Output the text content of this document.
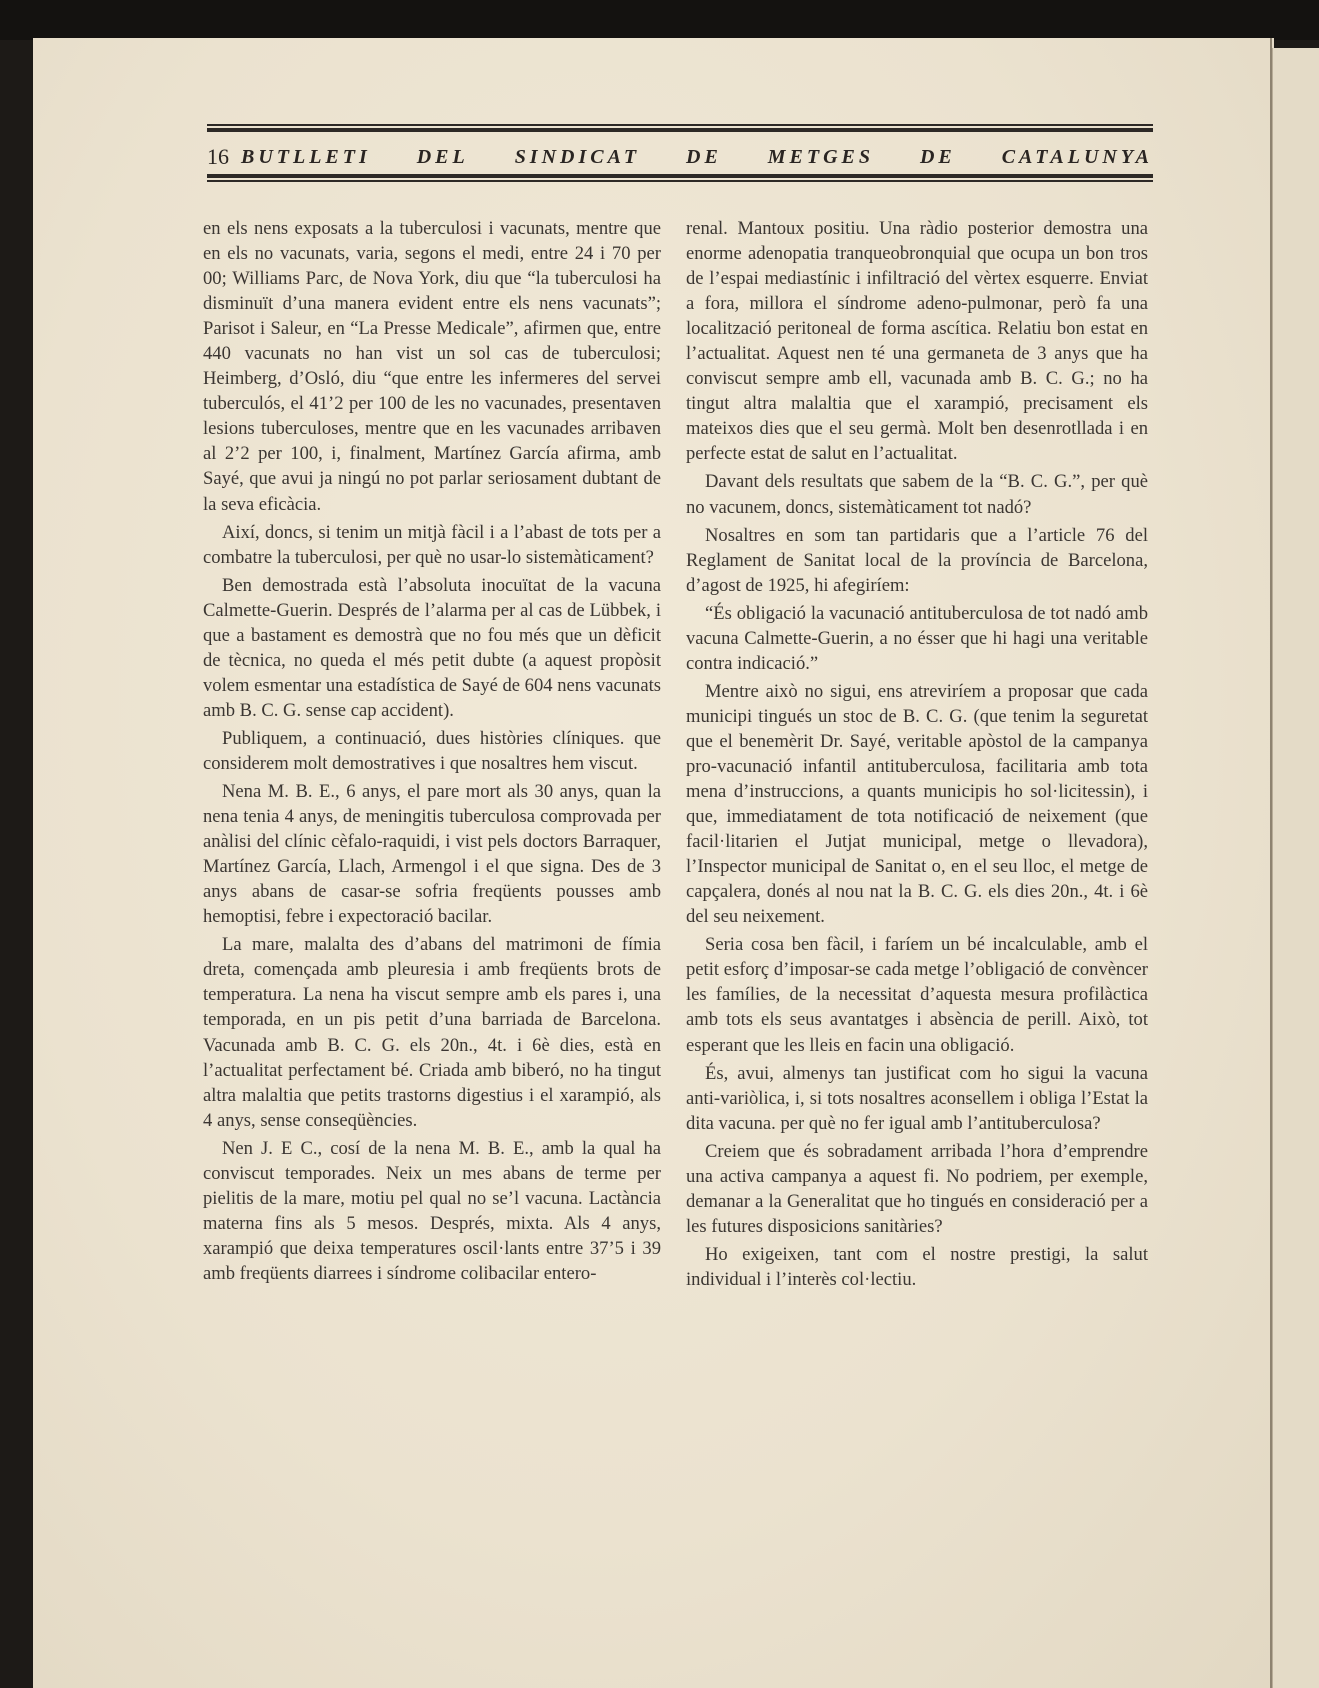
16 BUTLLETI DEL SINDICAT DE METGES DE CATALUNYA

en els nens exposats a la tuberculosi i vacunats, mentre que en els no vacunats, varia, segons el medi, entre 24 i 70 per 00; Williams Parc, de Nova York, diu que “la tuberculosi ha disminuït d’una manera evident entre els nens vacunats”; Parisot i Saleur, en “La Presse Medicale”, afirmen que, entre 440 vacunats no han vist un sol cas de tuberculosi; Heimberg, d’Osló, diu “que entre les infermeres del servei tuberculós, el 41’2 per 100 de les no vacunades, presentaven lesions tuberculoses, mentre que en les vacunades arribaven al 2’2 per 100, i, finalment, Martínez García afirma, amb Sayé, que avui ja ningú no pot parlar seriosament dubtant de la seva eficàcia.

Així, doncs, si tenim un mitjà fàcil i a l’abast de tots per a combatre la tuberculosi, per què no usar-lo sistemàticament?

Ben demostrada està l’absoluta inocuïtat de la vacuna Calmette-Guerin. Després de l’alarma per al cas de Lübbek, i que a bastament es demostrà que no fou més que un dèficit de tècnica, no queda el més petit dubte (a aquest propòsit volem esmentar una estadística de Sayé de 604 nens vacunats amb B. C. G. sense cap accident).

Publiquem, a continuació, dues històries clíniques. que considerem molt demostratives i que nosaltres hem viscut.

Nena M. B. E., 6 anys, el pare mort als 30 anys, quan la nena tenia 4 anys, de meningitis tuberculosa comprovada per anàlisi del clínic cèfalo-raquidi, i vist pels doctors Barraquer, Martínez García, Llach, Armengol i el que signa. Des de 3 anys abans de casar-se sofria freqüents pousses amb hemoptisi, febre i expectoració bacilar.

La mare, malalta des d’abans del matrimoni de fímia dreta, començada amb pleuresia i amb freqüents brots de temperatura. La nena ha viscut sempre amb els pares i, una temporada, en un pis petit d’una barriada de Barcelona. Vacunada amb B. C. G. els 20n., 4t. i 6è dies, està en l’actualitat perfectament bé. Criada amb biberó, no ha tingut altra malaltia que petits trastorns digestius i el xarampió, als 4 anys, sense conseqüències.

Nen J. E C., cosí de la nena M. B. E., amb la qual ha conviscut temporades. Neix un mes abans de terme per pielitis de la mare, motiu pel qual no se’l vacuna. Lactància materna fins als 5 mesos. Després, mixta. Als 4 anys, xarampió que deixa temperatures oscil·lants entre 37’5 i 39 amb freqüents diarrees i síndrome colibacilar entero-

renal. Mantoux positiu. Una ràdio posterior demostra una enorme adenopatia tranqueobronquial que ocupa un bon tros de l’espai mediastínic i infiltració del vèrtex esquerre. Enviat a fora, millora el síndrome adeno-pulmonar, però fa una localització peritoneal de forma ascítica. Relatiu bon estat en l’actualitat. Aquest nen té una germaneta de 3 anys que ha conviscut sempre amb ell, vacunada amb B. C. G.; no ha tingut altra malaltia que el xarampió, precisament els mateixos dies que el seu germà. Molt ben desenrotllada i en perfecte estat de salut en l’actualitat.

Davant dels resultats que sabem de la “B. C. G.”, per què no vacunem, doncs, sistemàticament tot nadó?

Nosaltres en som tan partidaris que a l’article 76 del Reglament de Sanitat local de la província de Barcelona, d’agost de 1925, hi afegiríem:

“És obligació la vacunació antituberculosa de tot nadó amb vacuna Calmette-Guerin, a no ésser que hi hagi una veritable contra indicació.”

Mentre això no sigui, ens atreviríem a proposar que cada municipi tingués un stoc de B. C. G. (que tenim la seguretat que el benemèrit Dr. Sayé, veritable apòstol de la campanya pro-vacunació infantil antituberculosa, facilitaria amb tota mena d’instruccions, a quants municipis ho sol·licitessin), i que, immediatament de tota notificació de neixement (que facil·litarien el Jutjat municipal, metge o llevadora), l’Inspector municipal de Sanitat o, en el seu lloc, el metge de capçalera, donés al nou nat la B. C. G. els dies 20n., 4t. i 6è del seu neixement.

Seria cosa ben fàcil, i faríem un bé incalculable, amb el petit esforç d’imposar-se cada metge l’obligació de convèncer les famílies, de la necessitat d’aquesta mesura profilàctica amb tots els seus avantatges i absència de perill. Això, tot esperant que les lleis en facin una obligació.

És, avui, almenys tan justificat com ho sigui la vacuna anti-variòlica, i, si tots nosaltres aconsellem i obliga l’Estat la dita vacuna. per què no fer igual amb l’antituberculosa?

Creiem que és sobradament arribada l’hora d’emprendre una activa campanya a aquest fi. No podriem, per exemple, demanar a la Generalitat que ho tingués en consideració per a les futures disposicions sanitàries?

Ho exigeixen, tant com el nostre prestigi, la salut individual i l’interès col·lectiu.
